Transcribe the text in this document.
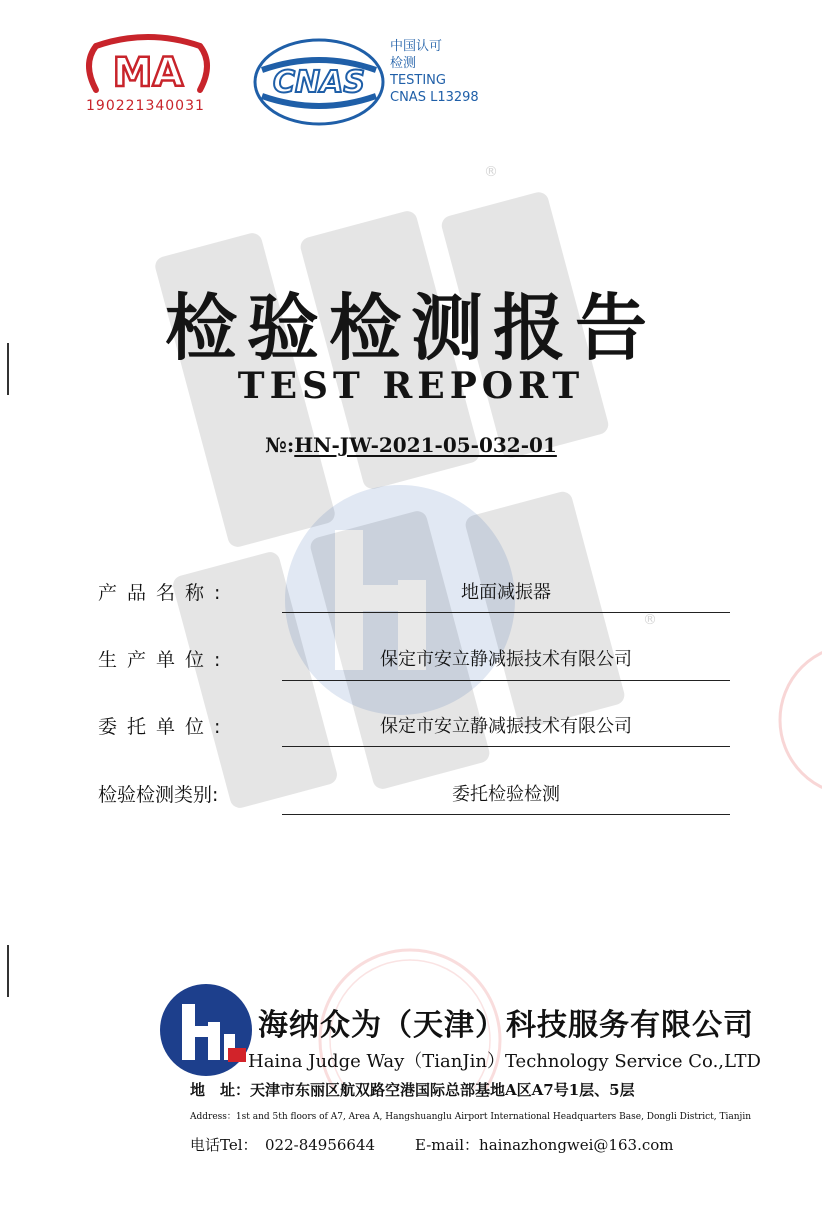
MA
190221340031
CNAS
中国认可
检测
TESTING
CNAS L13298
®
®
检验检测报告
TEST REPORT
№:HN-JW-2021-05-032-01
产品名称:	地面减振器
生产单位:	保定市安立静减振技术有限公司
委托单位:	保定市安立静减振技术有限公司
检验检测类别:	委托检验检测
海纳众为（天津）科技服务有限公司
Haina Judge Way（TianJin）Technology Service Co.,LTD
地　址：天津市东丽区航双路空港国际总部基地A区A7号1层、5层
Address：1st and 5th floors of A7, Area A, Hangshuanglu Airport International Headquarters Base, Dongli District, Tianjin
电话Tel：　022-84956644	E-mail：hainazhongwei@163.com
